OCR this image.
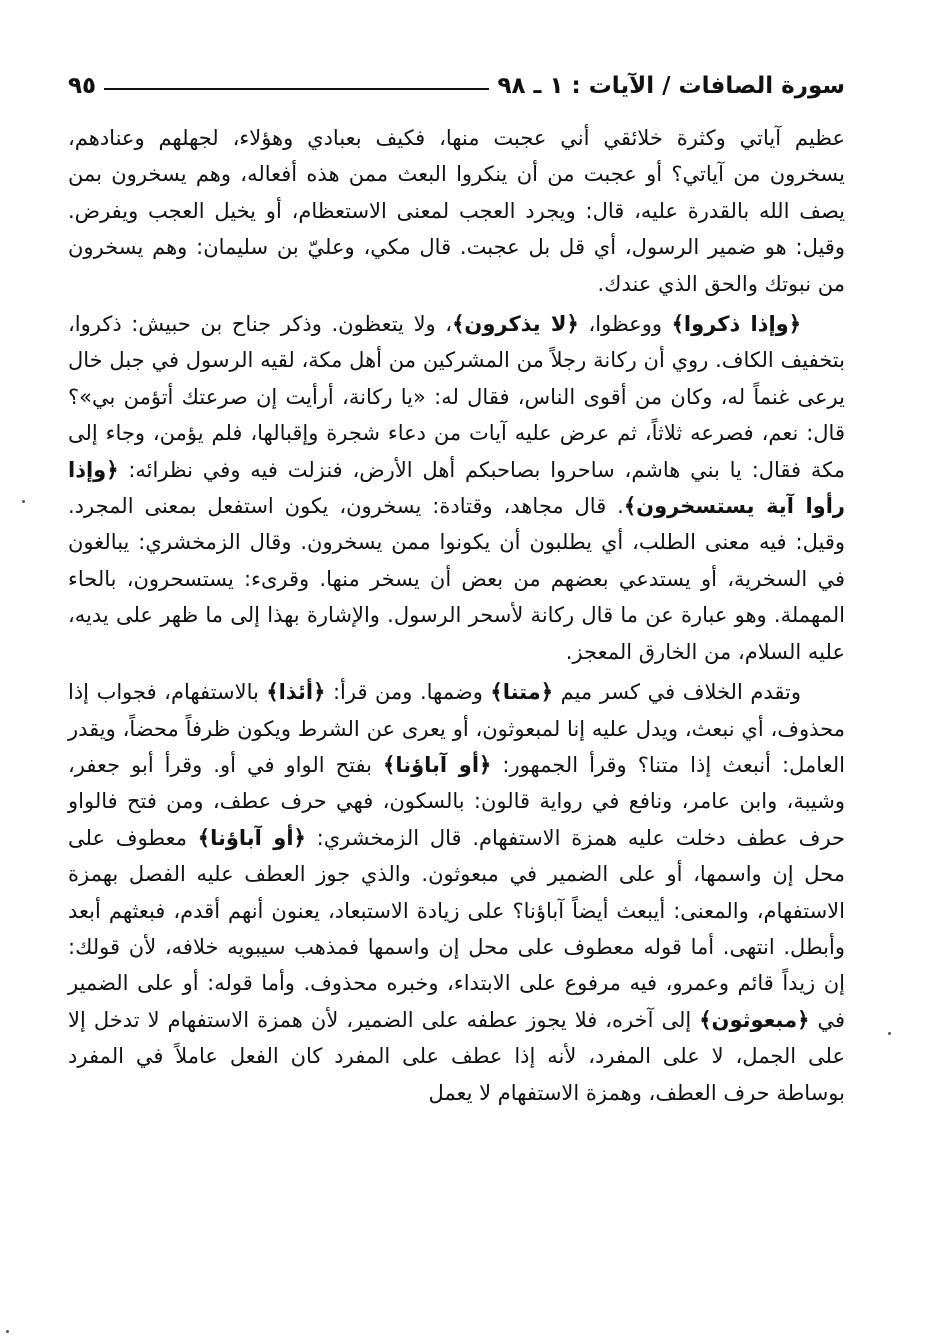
سورة الصافات / الآيات : ١ ـ ٩٨
٩٥

عظيم آياتي وكثرة خلائقي أني عجبت منها، فكيف بعبادي وهؤلاء، لجهلهم وعنادهم، يسخرون من آياتي؟ أو عجبت من أن ينكروا البعث ممن هذه أفعاله، وهم يسخرون بمن يصف الله بالقدرة عليه، قال: ويجرد العجب لمعنى الاستعظام، أو يخيل العجب ويفرض. وقيل: هو ضمير الرسول، أي قل بل عجبت. قال مكي، وعليّ بن سليمان: وهم يسخرون من نبوتك والحق الذي عندك.

﴿وإذا ذكروا﴾ ووعظوا، ﴿لا يذكرون﴾، ولا يتعظون. وذكر جناح بن حبيش: ذكروا، بتخفيف الكاف. روي أن ركانة رجلاً من المشركين من أهل مكة، لقيه الرسول في جبل خال يرعى غنماً له، وكان من أقوى الناس، فقال له: «يا ركانة، أرأيت إن صرعتك أتؤمن بي»؟ قال: نعم، فصرعه ثلاثاً، ثم عرض عليه آيات من دعاء شجرة وإقبالها، فلم يؤمن، وجاء إلى مكة فقال: يا بني هاشم، ساحروا بصاحبكم أهل الأرض، فنزلت فيه وفي نظرائه: ﴿وإذا رأوا آية يستسخرون﴾. قال مجاهد، وقتادة: يسخرون، يكون استفعل بمعنى المجرد. وقيل: فيه معنى الطلب، أي يطلبون أن يكونوا ممن يسخرون. وقال الزمخشري: يبالغون في السخرية، أو يستدعي بعضهم من بعض أن يسخر منها. وقرىء: يستسحرون، بالحاء المهملة. وهو عبارة عن ما قال ركانة لأسحر الرسول. والإشارة بهذا إلى ما ظهر على يديه، عليه السلام، من الخارق المعجز.

وتقدم الخلاف في كسر ميم ﴿متنا﴾ وضمها. ومن قرأ: ﴿أئذا﴾ بالاستفهام، فجواب إذا محذوف، أي نبعث، ويدل عليه إنا لمبعوثون، أو يعرى عن الشرط ويكون ظرفاً محضاً، ويقدر العامل: أنبعث إذا متنا؟ وقرأ الجمهور: ﴿أو آباؤنا﴾ بفتح الواو في أو. وقرأ أبو جعفر، وشيبة، وابن عامر، ونافع في رواية قالون: بالسكون، فهي حرف عطف، ومن فتح فالواو حرف عطف دخلت عليه همزة الاستفهام. قال الزمخشري: ﴿أو آباؤنا﴾ معطوف على محل إن واسمها، أو على الضمير في مبعوثون. والذي جوز العطف عليه الفصل بهمزة الاستفهام، والمعنى: أيبعث أيضاً آباؤنا؟ على زيادة الاستبعاد، يعنون أنهم أقدم، فبعثهم أبعد وأبطل. انتهى. أما قوله معطوف على محل إن واسمها فمذهب سيبويه خلافه، لأن قولك: إن زيداً قائم وعمرو، فيه مرفوع على الابتداء، وخبره محذوف. وأما قوله: أو على الضمير في ﴿مبعوثون﴾ إلى آخره، فلا يجوز عطفه على الضمير، لأن همزة الاستفهام لا تدخل إلا على الجمل، لا على المفرد، لأنه إذا عطف على المفرد كان الفعل عاملاً في المفرد بوساطة حرف العطف، وهمزة الاستفهام لا يعمل
